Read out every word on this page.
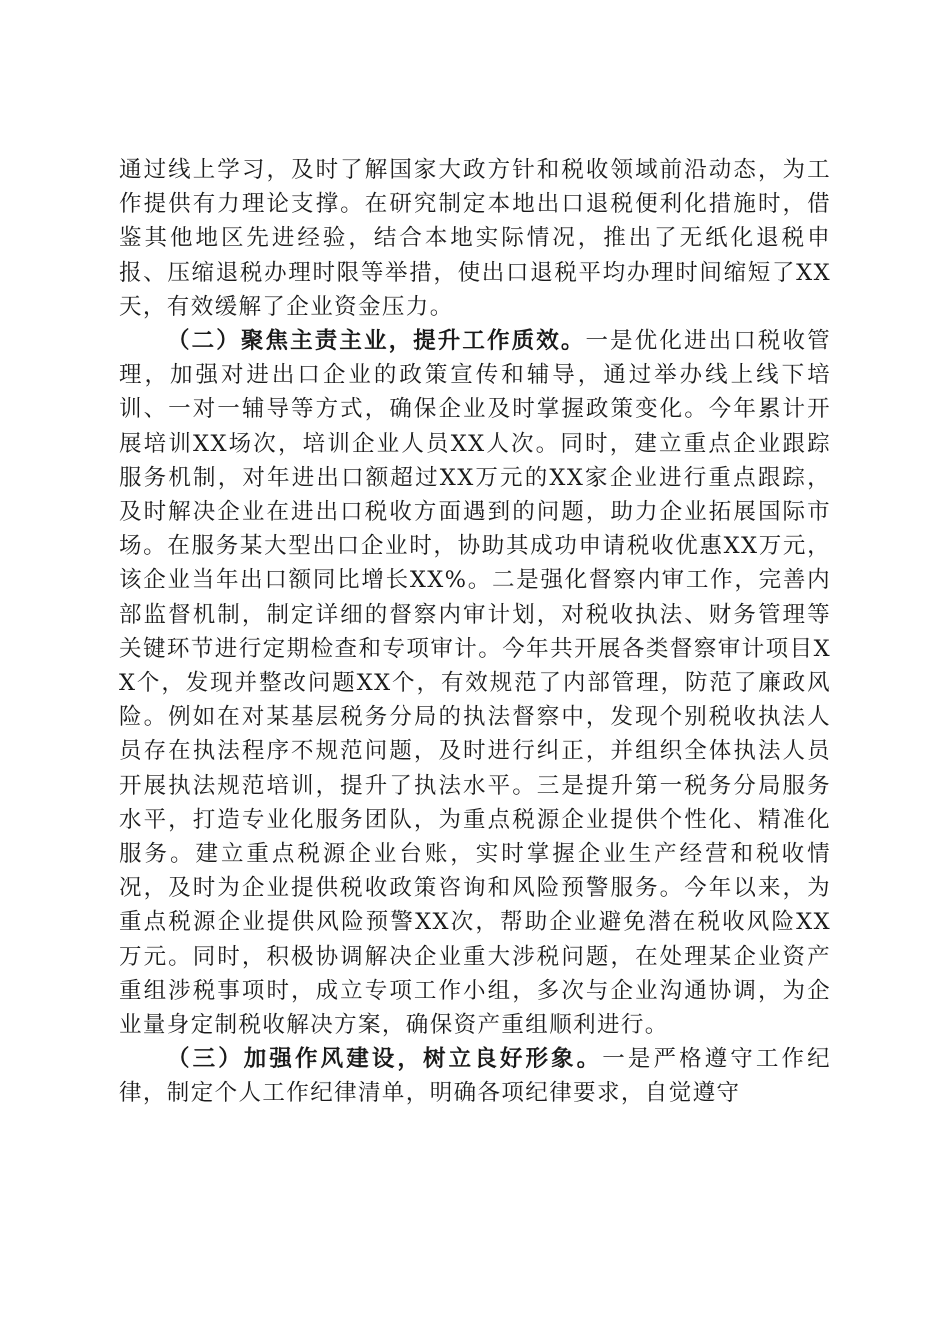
通过线上学习，及时了解国家大政方针和税收领域前沿动态，为工作提供有力理论支撑。在研究制定本地出口退税便利化措施时，借鉴其他地区先进经验，结合本地实际情况，推出了无纸化退税申报、压缩退税办理时限等举措，使出口退税平均办理时间缩短了XX天，有效缓解了企业资金压力。

（二）聚焦主责主业，提升工作质效。一是优化进出口税收管理，加强对进出口企业的政策宣传和辅导，通过举办线上线下培训、一对一辅导等方式，确保企业及时掌握政策变化。今年累计开展培训XX场次，培训企业人员XX人次。同时，建立重点企业跟踪服务机制，对年进出口额超过XX万元的XX家企业进行重点跟踪，及时解决企业在进出口税收方面遇到的问题，助力企业拓展国际市场。在服务某大型出口企业时，协助其成功申请税收优惠XX万元，该企业当年出口额同比增长XX%。二是强化督察内审工作，完善内部监督机制，制定详细的督察内审计划，对税收执法、财务管理等关键环节进行定期检查和专项审计。今年共开展各类督察审计项目XX个，发现并整改问题XX个，有效规范了内部管理，防范了廉政风险。例如在对某基层税务分局的执法督察中，发现个别税收执法人员存在执法程序不规范问题，及时进行纠正，并组织全体执法人员开展执法规范培训，提升了执法水平。三是提升第一税务分局服务水平，打造专业化服务团队，为重点税源企业提供个性化、精准化服务。建立重点税源企业台账，实时掌握企业生产经营和税收情况，及时为企业提供税收政策咨询和风险预警服务。今年以来，为重点税源企业提供风险预警XX次，帮助企业避免潜在税收风险XX万元。同时，积极协调解决企业重大涉税问题，在处理某企业资产重组涉税事项时，成立专项工作小组，多次与企业沟通协调，为企业量身定制税收解决方案，确保资产重组顺利进行。

（三）加强作风建设，树立良好形象。一是严格遵守工作纪律，制定个人工作纪律清单，明确各项纪律要求，自觉遵守
